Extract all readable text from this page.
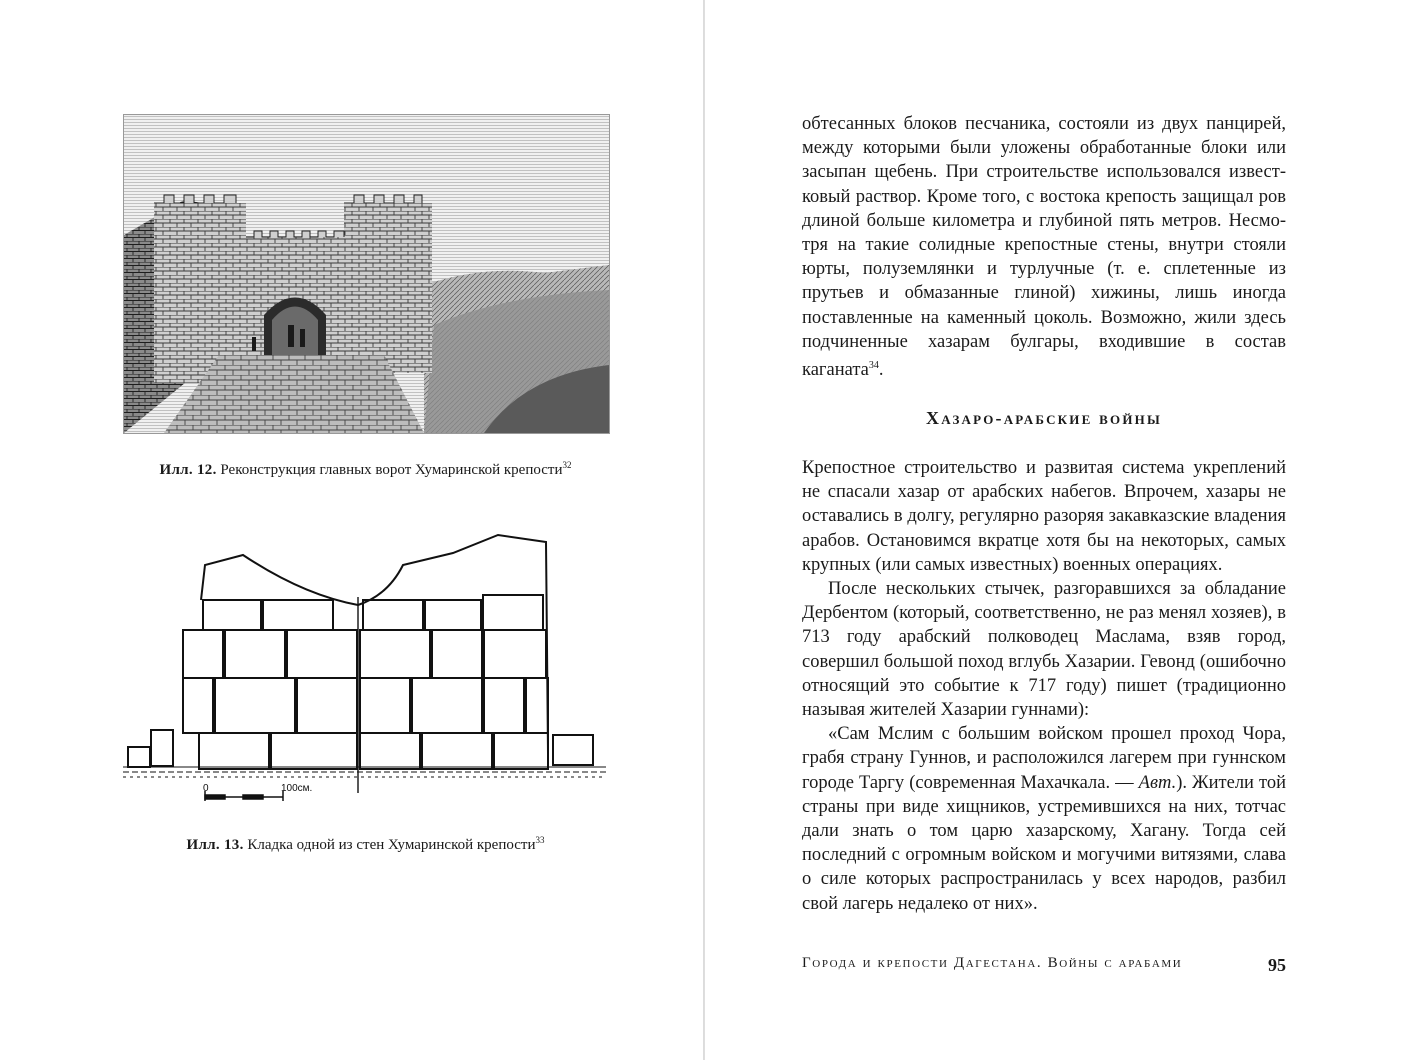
Илл. 12. Реконструкция главных ворот Хумаринской крепости$^{32}$
0	100см.
Илл. 13. Кладка одной из стен Хумаринской крепости$^{33}$

обтесанных блоков песчаника, состояли из двух панцирей, между которыми были уложены обработанные блоки или засыпан щебень. При строительстве использовался известковый раствор. Кроме того, с востока крепость защищал ров длиной больше километра и глубиной пять метров. Несмотря на такие солидные крепостные стены, внутри стояли юрты, полуземлянки и турлучные (т. е. сплетенные из прутьев и обмазанные глиной) хижины, лишь иногда поставленные на каменный цоколь. Возможно, жили здесь подчиненные хазарам булгары, входившие в состав каганата$^{34}$.

Хазаро-арабские войны

Крепостное строительство и развитая система укреплений не спасали хазар от арабских набегов. Впрочем, хазары не оставались в долгу, регулярно разоряя закавказские владения арабов. Остановимся вкратце хотя бы на некоторых, самых крупных (или самых известных) военных операциях.

После нескольких стычек, разгоравшихся за обладание Дербентом (который, соответственно, не раз менял хозяев), в 713 году арабский полководец Маслама, взяв город, совершил большой поход вглубь Хазарии. Гевонд (ошибочно относящий это событие к 717 году) пишет (традиционно называя жителей Хазарии гуннами):

«Сам Мслим с большим войском прошел проход Чора, грабя страну Гуннов, и расположился лагерем при гуннском городе Таргу (современная Махачкала. — Авт.). Жители той страны при виде хищников, устремившихся на них, тотчас дали знать о том царю хазарскому, Хагану. Тогда сей последний с огромным войском и могучими витязями, слава о силе которых распространилась у всех народов, разбил свой лагерь недалеко от них».

Города и крепости Дагестана. Войны с арабами	95
